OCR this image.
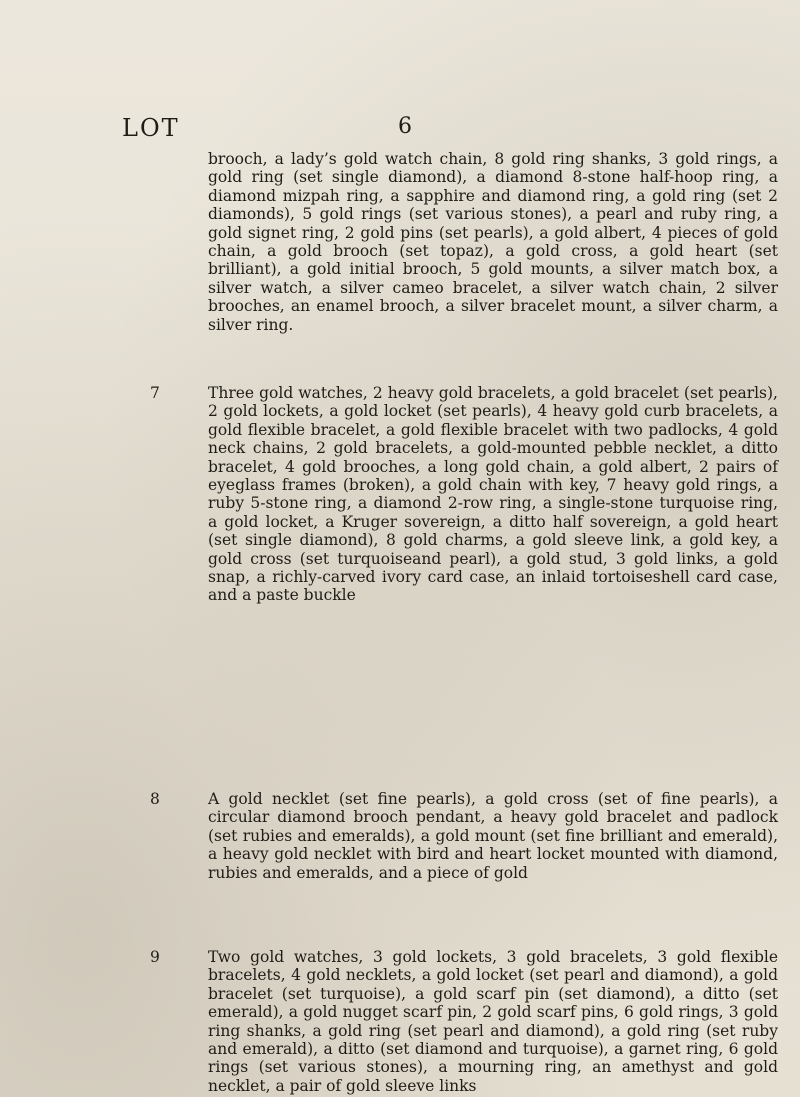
LOT	6
brooch, a lady’s gold watch chain, 8 gold ring shanks, 3 gold rings, a gold ring (set single diamond), a diamond 8-stone half-hoop ring, a diamond mizpah ring, a sapphire and diamond ring, a gold ring (set 2 diamonds), 5 gold rings (set various stones), a pearl and ruby ring, a gold signet ring, 2 gold pins (set pearls), a gold albert, 4 pieces of gold chain, a gold brooch (set topaz), a gold cross, a gold heart (set brilliant), a gold initial brooch, 5 gold mounts, a silver match box, a silver watch, a silver cameo bracelet, a silver watch chain, 2 silver brooches, an enamel brooch, a silver bracelet mount, a silver charm, a silver ring.
7	Three gold watches, 2 heavy gold bracelets, a gold bracelet (set pearls), 2 gold lockets, a gold locket (set pearls), 4 heavy gold curb bracelets, a gold flexible bracelet, a gold flexible bracelet with two padlocks, 4 gold neck chains, 2 gold bracelets, a gold-mounted pebble necklet, a ditto bracelet, 4 gold brooches, a long gold chain, a gold albert, 2 pairs of eyeglass frames (broken), a gold chain with key, 7 heavy gold rings, a ruby 5-stone ring, a diamond 2-row ring, a single-stone turquoise ring, a gold locket, a Kruger sovereign, a ditto half sovereign, a gold heart (set single diamond), 8 gold charms, a gold sleeve link, a gold key, a gold cross (set turquoiseand pearl), a gold stud, 3 gold links, a gold snap, a richly-carved ivory card case, an inlaid tortoiseshell card case, and a paste buckle
8	A gold necklet (set fine pearls), a gold cross (set of fine pearls), a circular diamond brooch pendant, a heavy gold bracelet and padlock (set rubies and emeralds), a gold mount (set fine brilliant and emerald), a heavy gold necklet with bird and heart locket mounted with diamond, rubies and emeralds, and a piece of gold
9	Two gold watches, 3 gold lockets, 3 gold bracelets, 3 gold flexible bracelets, 4 gold necklets, a gold locket (set pearl and diamond), a gold bracelet (set turquoise), a gold scarf pin (set diamond), a ditto (set emerald), a gold nugget scarf pin, 2 gold scarf pins, 6 gold rings, 3 gold ring shanks, a gold ring (set pearl and diamond), a gold ring (set ruby and emerald), a ditto (set diamond and turquoise), a garnet ring, 6 gold rings (set various stones), a mourning ring, an amethyst and gold necklet, a pair of gold sleeve links
